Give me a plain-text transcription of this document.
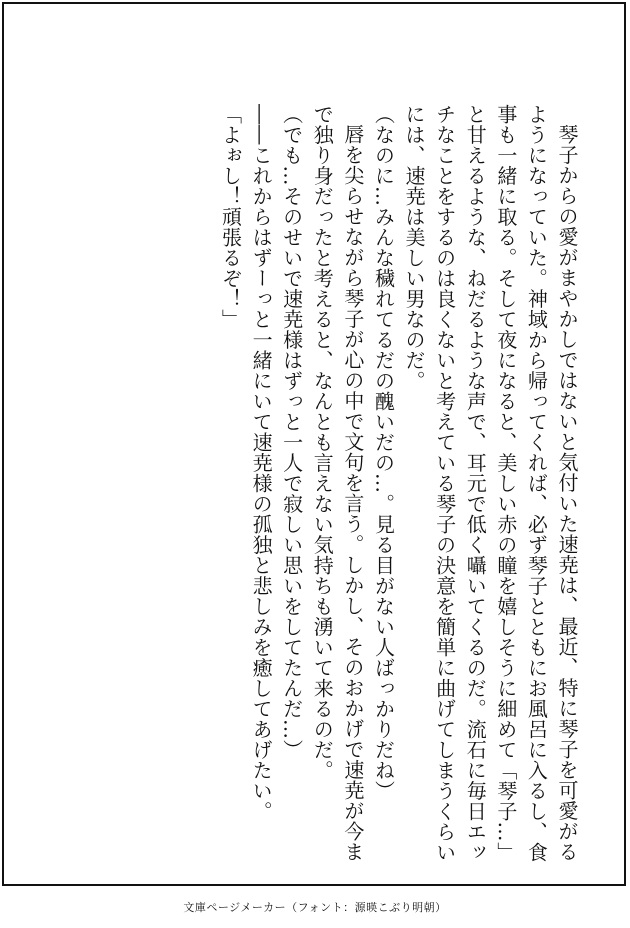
琴子からの愛がまやかしではないと気付いた速尭は、最近、特に琴子を可愛がるようになっていた。神域から帰ってくれば、必ず琴子とともにお風呂に入るし、食事も一緒に取る。そして夜になると、美しい赤の瞳を嬉しそうに細めて「琴子…」と甘えるような、ねだるような声で、耳元で低く囁いてくるのだ。流石に毎日エッチなことをするのは良くないと考えている琴子の決意を簡単に曲げてしまうくらいには、速尭は美しい男なのだ。

（なのに…みんな穢れてるだの醜いだの…。見る目がない人ばっかりだね）

唇を尖らせながら琴子が心の中で文句を言う。しかし、そのおかげで速尭が今まで独り身だったと考えると、なんとも言えない気持ちも湧いて来るのだ。

（でも…そのせいで速尭様はずっと一人で寂しい思いをしてたんだ…）

――これからはずーっと一緒にいて速尭様の孤独と悲しみを癒してあげたい。

「よぉし！頑張るぞ！」

文庫ページメーカー（フォント：源暎こぶり明朝）
